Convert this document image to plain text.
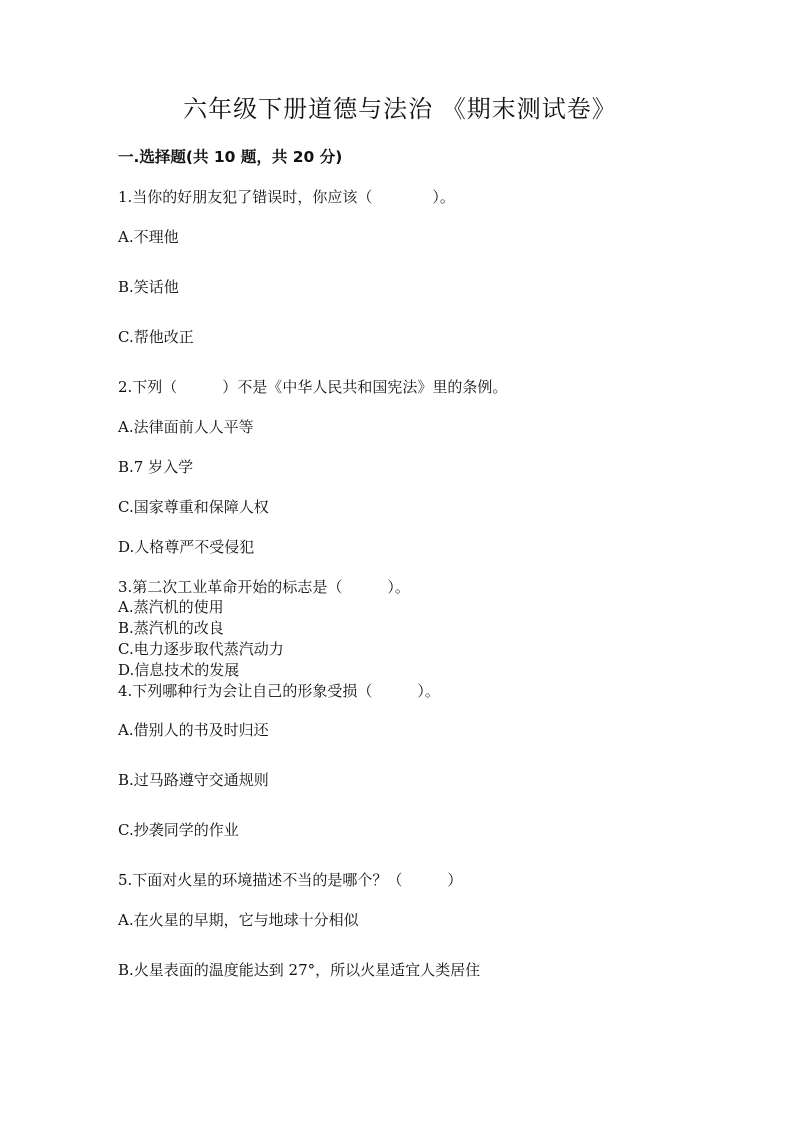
六年级下册道德与法治 《期末测试卷》
一.选择题(共 10 题，共 20 分)
1.当你的好朋友犯了错误时，你应该（　　　　）。
A.不理他
B.笑话他
C.帮他改正
2.下列（　　　）不是《中华人民共和国宪法》里的条例。
A.法律面前人人平等
B.7 岁入学
C.国家尊重和保障人权
D.人格尊严不受侵犯
3.第二次工业革命开始的标志是（　　　）。
A.蒸汽机的使用
B.蒸汽机的改良
C.电力逐步取代蒸汽动力
D.信息技术的发展
4.下列哪种行为会让自己的形象受损（　　　）。
A.借别人的书及时归还
B.过马路遵守交通规则
C.抄袭同学的作业
5.下面对火星的环境描述不当的是哪个？（　　　）
A.在火星的早期，它与地球十分相似
B.火星表面的温度能达到 27°，所以火星适宜人类居住
